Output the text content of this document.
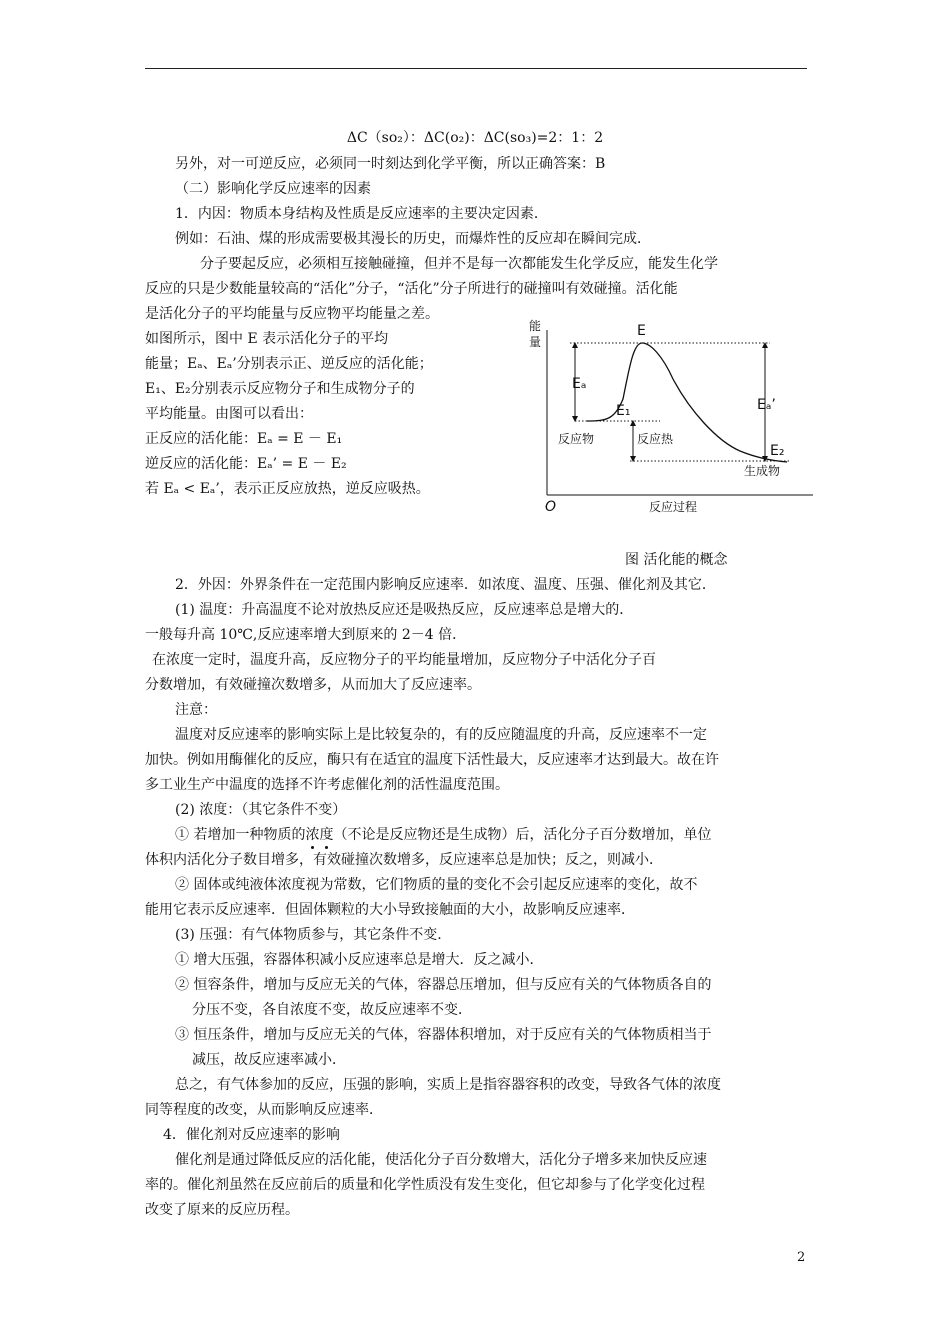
ΔC（so₂）：ΔC(o₂)：ΔC(so₃)=2：1：2
另外，对一可逆反应，必须同一时刻达到化学平衡，所以正确答案：B
（二）影响化学反应速率的因素
1．内因：物质本身结构及性质是反应速率的主要决定因素．
例如：石油、煤的形成需要极其漫长的历史，而爆炸性的反应却在瞬间完成．
分子要起反应，必须相互接触碰撞，但并不是每一次都能发生化学反应，能发生化学
反应的只是少数能量较高的“活化”分子，“活化”分子所进行的碰撞叫有效碰撞。活化能
是活化分子的平均能量与反应物平均能量之差。
如图所示，图中 E 表示活化分子的平均
能量；Eₐ、Eₐ’分别表示正、逆反应的活化能；
E₁、E₂分别表示反应物分子和生成物分子的
平均能量。由图可以看出：
正反应的活化能：Eₐ = E － E₁
逆反应的活化能：Eₐ’ = E － E₂
若 Eₐ < Eₐ’，表示正反应放热，逆反应吸热。
能
量
O	反应过程
E
Eₐ
E₁
反应物	反应热
Eₐ’
E₂
生成物
图 活化能的概念
2．外因：外界条件在一定范围内影响反应速率．如浓度、温度、压强、催化剂及其它．
(1) 温度：升高温度不论对放热反应还是吸热反应，反应速率总是增大的．
一般每升高 10℃,反应速率增大到原来的 2－4 倍．
在浓度一定时，温度升高，反应物分子的平均能量增加，反应物分子中活化分子百
分数增加，有效碰撞次数增多，从而加大了反应速率。
注意：
温度对反应速率的影响实际上是比较复杂的，有的反应随温度的升高，反应速率不一定
加快。例如用酶催化的反应，酶只有在适宜的温度下活性最大，反应速率才达到最大。故在许
多工业生产中温度的选择不许考虑催化剂的活性温度范围。
(2) 浓度：（其它条件不变）
① 若增加一种物质的浓度（不论是反应物还是生成物）后，活化分子百分数增加，单位
体积内活化分子数目增多，有效碰撞次数增多，反应速率总是加快；反之，则减小．
② 固体或纯液体浓度视为常数，它们物质的量的变化不会引起反应速率的变化，故不
能用它表示反应速率．但固体颗粒的大小导致接触面的大小，故影响反应速率．
(3) 压强：有气体物质参与，其它条件不变.
① 增大压强，容器体积减小反应速率总是增大．反之减小．
② 恒容条件，增加与反应无关的气体，容器总压增加，但与反应有关的气体物质各自的
分压不变，各自浓度不变，故反应速率不变．
③ 恒压条件，增加与反应无关的气体，容器体积增加，对于反应有关的气体物质相当于
减压，故反应速率减小．
总之，有气体参加的反应，压强的影响，实质上是指容器容积的改变，导致各气体的浓度
同等程度的改变，从而影响反应速率．
4．催化剂对反应速率的影响
催化剂是通过降低反应的活化能，使活化分子百分数增大，活化分子增多来加快反应速
率的。催化剂虽然在反应前后的质量和化学性质没有发生变化，但它却参与了化学变化过程
改变了原来的反应历程。
2
